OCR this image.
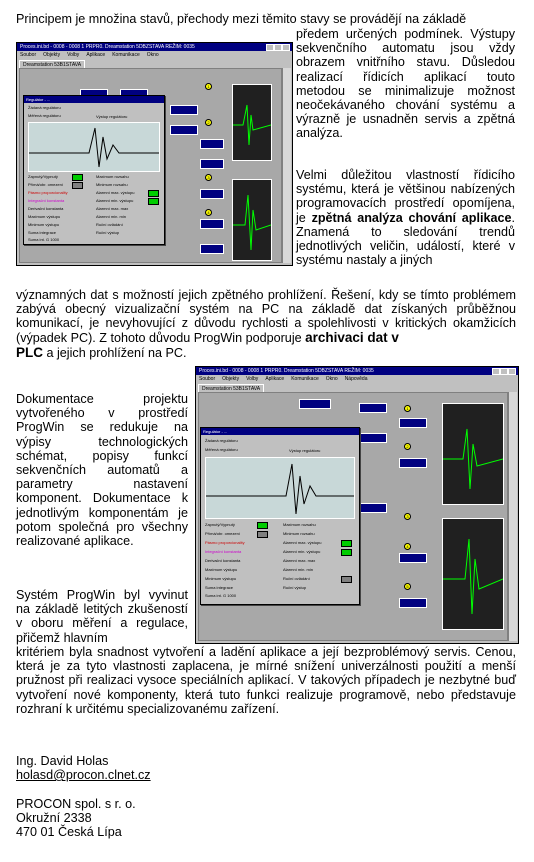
Principem je množina stavů, přechody mezi těmito stavy se provádějí na základě
předem určených podmínek. Výstupy sekvenčního automatu jsou vždy obrazem vnitřního stavu. Důsledou realizací řídicích aplikací touto metodou se minimalizuje možnost neočekávaného chování systému a výrazně je usnadněn servis a zpětná analýza.
Velmi důležitou vlastností řídicího systému, která je většinou nabízených programovacích prostředí opomíjena, je zpětná analýza chování aplikace. Znamená to sledování trendů jednotlivých veličin, událostí, které v systému nastaly a jiných
významných dat s možností jejich zpětného prohlížení. Řešení, kdy se tímto problémem zabývá obecný vizualizační systém na PC na základě dat získaných průběžnou komunikací, je nevyhovující z důvodu rychlosti a spolehlivosti v kritických okamžicích (výpadek PC). Z tohoto důvodu ProgWin podporuje archivaci dat v
PLC a jejich prohlížení na PC.
Dokumentace projektu vytvořeného v prostředí ProgWin se redukuje na výpisy technologických schémat, popisy funkcí sekvenčních automatů a parametry nastavení komponent. Dokumentace k jednotlivým komponentám je potom společná pro všechny realizované aplikace.
Systém ProgWin byl vyvinut na základě letitých zkušeností v oboru měření a regulace, přičemž hlavním
kritériem byla snadnost vytvoření a ladění aplikace a její bezproblémový servis. Cenou, která je za tyto vlastnosti zaplacena, je mírné snížení univerzálnosti použití a menší pružnost při realizaci vysoce speciálních aplikací. V takových případech je nezbytné buď vytvoření nové komponenty, která tuto funkci realizuje programově, nebo představuje rozhraní k určitému specializovanému zařízení.
Ing. David Holas
holasd@procon.clnet.cz
PROCON spol. s r. o.
Okružní 2338
470 01 Česká Lípa
Proces.ini.bd - 0008 - 0008 1 PRPR0. Dreamstation 5DBZSTAVA REŽIM: 0035
Soubor Objekty Volby Aplikace Komunikace Okno
Dreamstation 53B1STAVA
1
2
3
4
Regulátor - ...
Žádaná regulátoru
Měřená regulátoru	Výstup regulátoru
Zapnutý/Vypnutý
Přímá/obr. omezení
Pásmo proporcionality
Integrační konstanta
Derivační konstanta
Maximum výstupu
Minimum výstupu
Suma integrace
Suma int. G 1000
Maximum rozsahu
Minimum rozsahu
Alarmní max. výstupu
Alarmní min. výstupu
Alarmní max. max
Alarmní min. min
Ruční ovládání
Ruční výstup
Proces.ini.bd - 0008 - 0008 1 PRPR0. Dreamstation 5DBZSTAVA REŽIM: 0035
Soubor Objekty Volby Aplikace Komunikace Okno Nápověda
Dreamstation 53B1STAVA
1
2
3
4
5
Regulátor - ...
Žádaná regulátoru
Měřená regulátoru	Výstup regulátoru
Zapnutý/Vypnutý
Přímá/obr. omezení
Pásmo proporcionality
Integrační konstanta
Derivační konstanta
Maximum výstupu
Minimum výstupu
Suma integrace
Suma int. G 1000
Maximum rozsahu
Minimum rozsahu
Alarmní max. výstupu
Alarmní min. výstupu
Alarmní max. max
Alarmní min. min
Ruční ovládání
Ruční výstup
